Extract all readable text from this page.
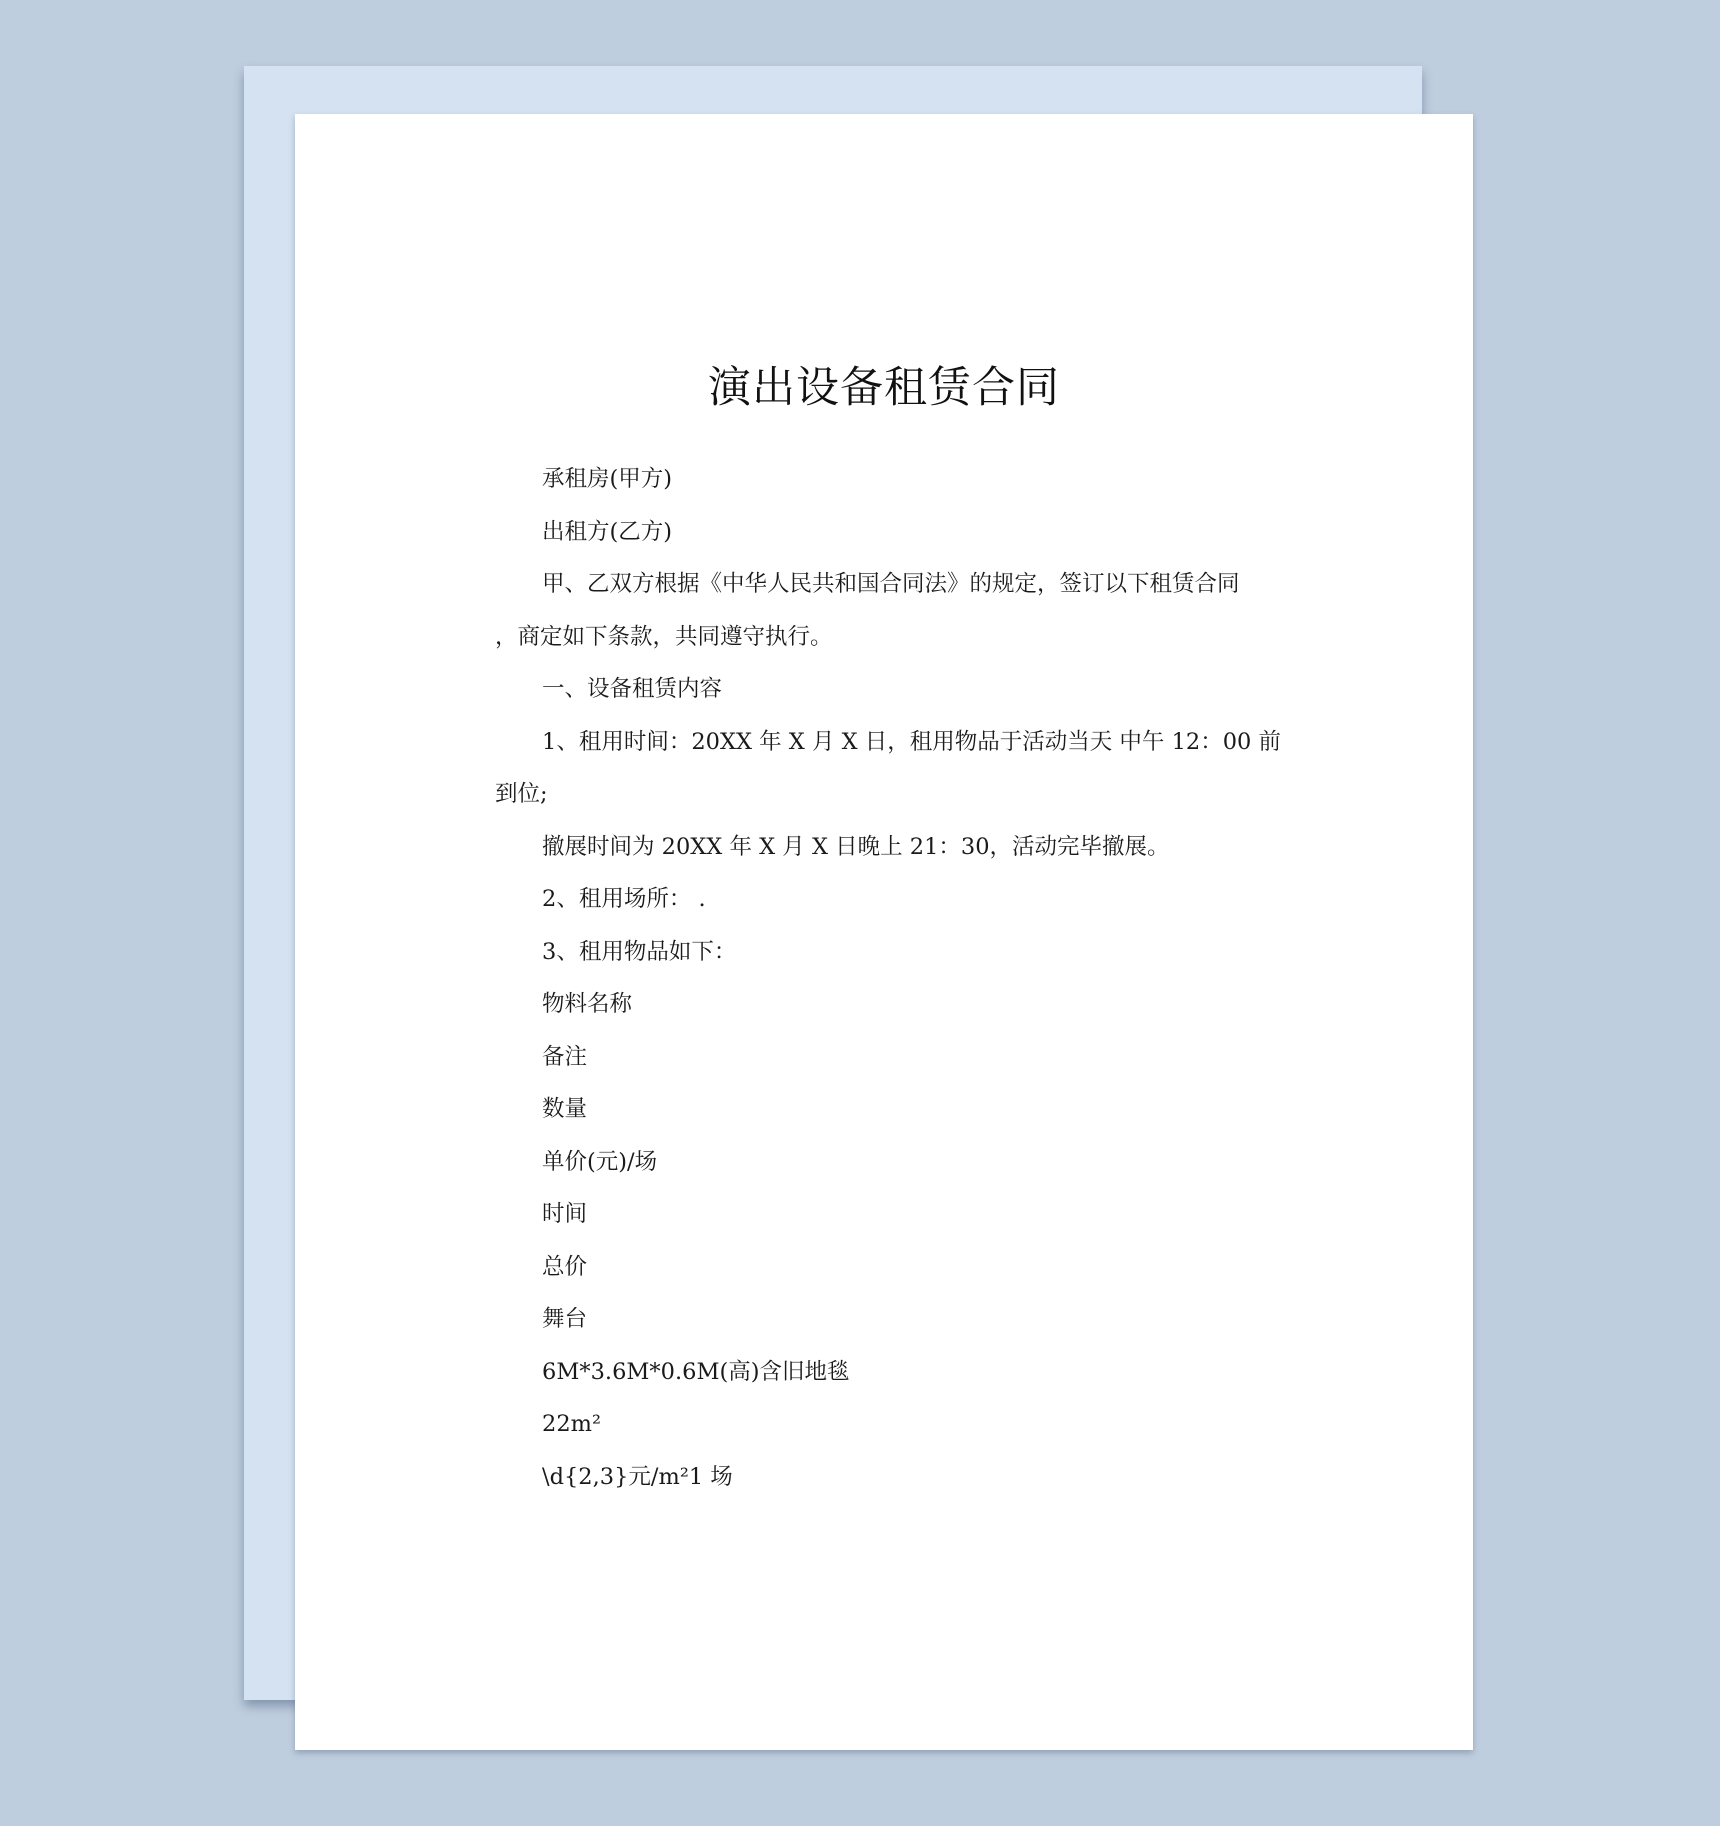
演出设备租赁合同
承租房(甲方)
出租方(乙方)
甲、乙双方根据《中华人民共和国合同法》的规定，签订以下租赁合同
，商定如下条款，共同遵守执行。
一、设备租赁内容
1、租用时间：20XX 年 X 月 X 日，租用物品于活动当天 中午 12：00 前
到位;
撤展时间为 20XX 年 X 月 X 日晚上 21：30，活动完毕撤展。
2、租用场所： .
3、租用物品如下：
物料名称
备注
数量
单价(元)/场
时间
总价
舞台
6M*3.6M*0.6M(高)含旧地毯
22m²
\d{2,3}元/m²1 场
